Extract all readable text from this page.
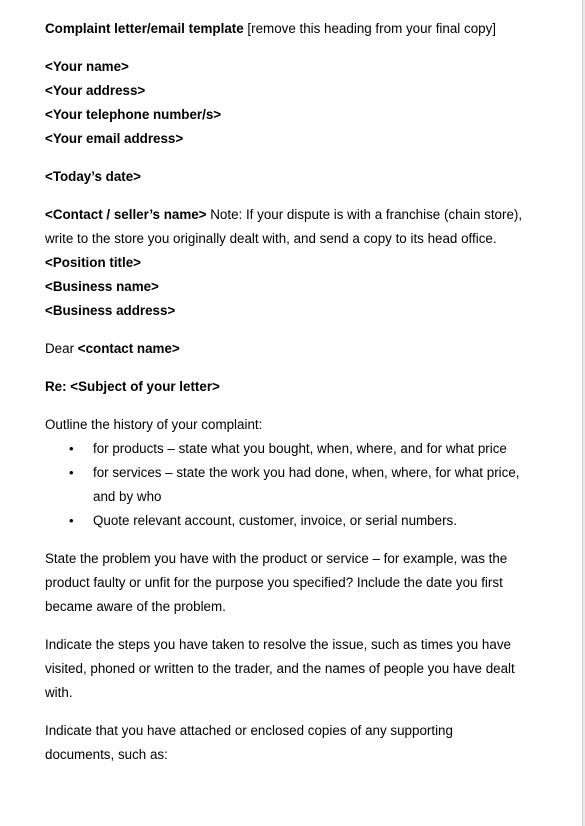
Complaint letter/email template [remove this heading from your final copy]

<Your name>
<Your address>
<Your telephone number/s>
<Your email address>

<Today’s date>

<Contact / seller’s name> Note: If your dispute is with a franchise (chain store),
write to the store you originally dealt with, and send a copy to its head office.
<Position title>
<Business name>
<Business address>

Dear <contact name>

Re: <Subject of your letter>

Outline the history of your complaint:

• for products – state what you bought, when, where, and for what price
• for services – state the work you had done, when, where, for what price,
and by who
• Quote relevant account, customer, invoice, or serial numbers.
State the problem you have with the product or service – for example, was the
product faulty or unfit for the purpose you specified? Include the date you first
became aware of the problem.
Indicate the steps you have taken to resolve the issue, such as times you have
visited, phoned or written to the trader, and the names of people you have dealt
with.
Indicate that you have attached or enclosed copies of any supporting
documents, such as:
